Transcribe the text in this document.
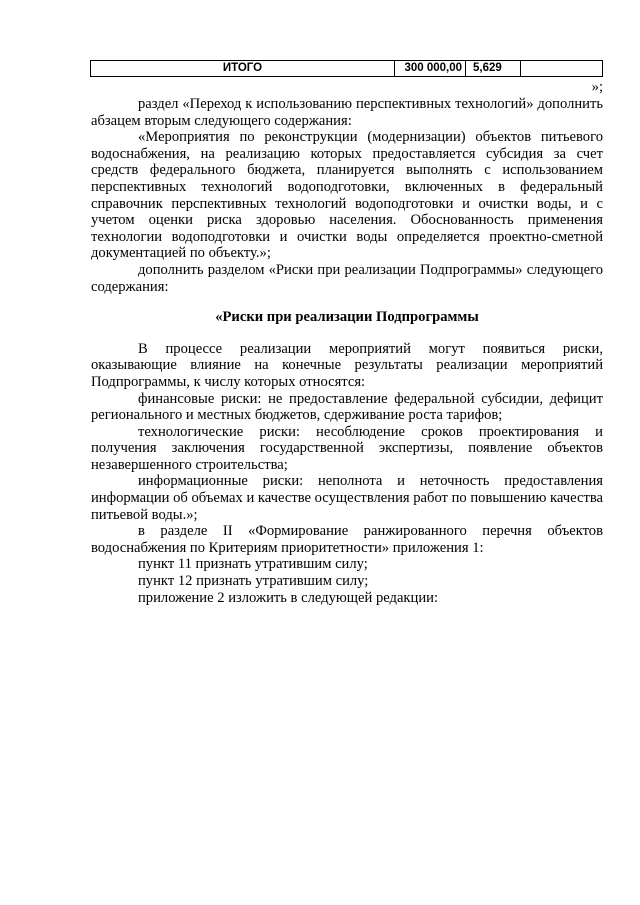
ИТОГО	300 000,00	5,629	
»;

раздел «Переход к использованию перспективных технологий» дополнить абзацем вторым следующего содержания:

«Мероприятия по реконструкции (модернизации) объектов питьевого водоснабжения, на реализацию которых предоставляется субсидия за счет средств федерального бюджета, планируется выполнять с использованием перспективных технологий водоподготовки, включенных в федеральный справочник перспективных технологий водоподготовки и очистки воды, и с учетом оценки риска здоровью населения. Обоснованность применения технологии водоподготовки и очистки воды определяется проектно-сметной документацией по объекту.»;

дополнить разделом «Риски при реализации Подпрограммы» следующего содержания:

«Риски при реализации Подпрограммы

В процессе реализации мероприятий могут появиться риски, оказывающие влияние на конечные результаты реализации мероприятий Подпрограммы, к числу которых относятся:

финансовые риски: не предоставление федеральной субсидии, дефицит регионального и местных бюджетов, сдерживание роста тарифов;

технологические риски: несоблюдение сроков проектирования и получения заключения государственной экспертизы, появление объектов незавершенного строительства;

информационные риски: неполнота и неточность предоставления информации об объемах и качестве осуществления работ по повышению качества питьевой воды.»;

в разделе II «Формирование ранжированного перечня объектов водоснабжения по Критериям приоритетности» приложения 1:

пункт 11 признать утратившим силу;

пункт 12 признать утратившим силу;

приложение 2 изложить в следующей редакции:
